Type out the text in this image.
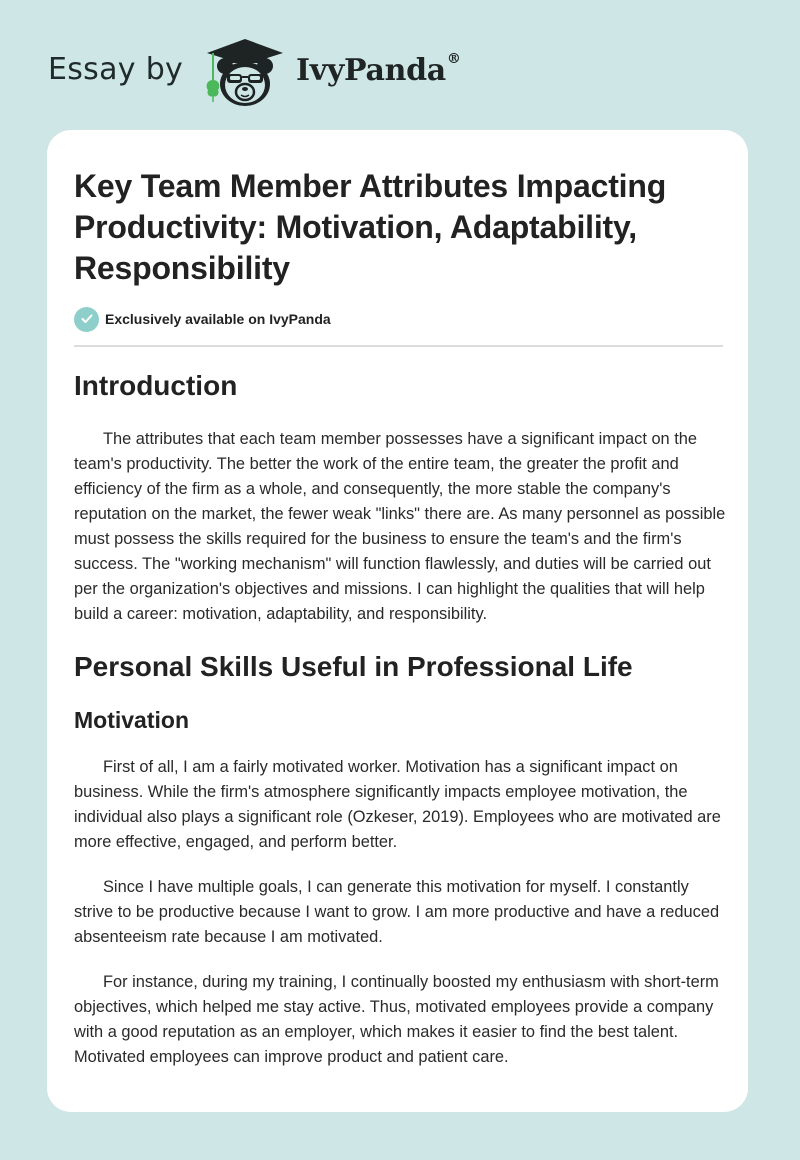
Essay by	IvyPanda®
Key Team Member Attributes Impacting Productivity: Motivation, Adaptability, Responsibility
Exclusively available on IvyPanda
Introduction

The attributes that each team member possesses have a significant impact on the team's productivity. The better the work of the entire team, the greater the profit and efficiency of the firm as a whole, and consequently, the more stable the company's reputation on the market, the fewer weak "links" there are. As many personnel as possible must possess the skills required for the business to ensure the team's and the firm's success. The "working mechanism" will function flawlessly, and duties will be carried out per the organization's objectives and missions. I can highlight the qualities that will help build a career: motivation, adaptability, and responsibility.

Personal Skills Useful in Professional Life
Motivation

First of all, I am a fairly motivated worker. Motivation has a significant impact on business. While the firm's atmosphere significantly impacts employee motivation, the individual also plays a significant role (Ozkeser, 2019). Employees who are motivated are more effective, engaged, and perform better.

Since I have multiple goals, I can generate this motivation for myself. I constantly strive to be productive because I want to grow. I am more productive and have a reduced absenteeism rate because I am motivated.

For instance, during my training, I continually boosted my enthusiasm with short-term objectives, which helped me stay active. Thus, motivated employees provide a company with a good reputation as an employer, which makes it easier to find the best talent. Motivated employees can improve product and patient care.
